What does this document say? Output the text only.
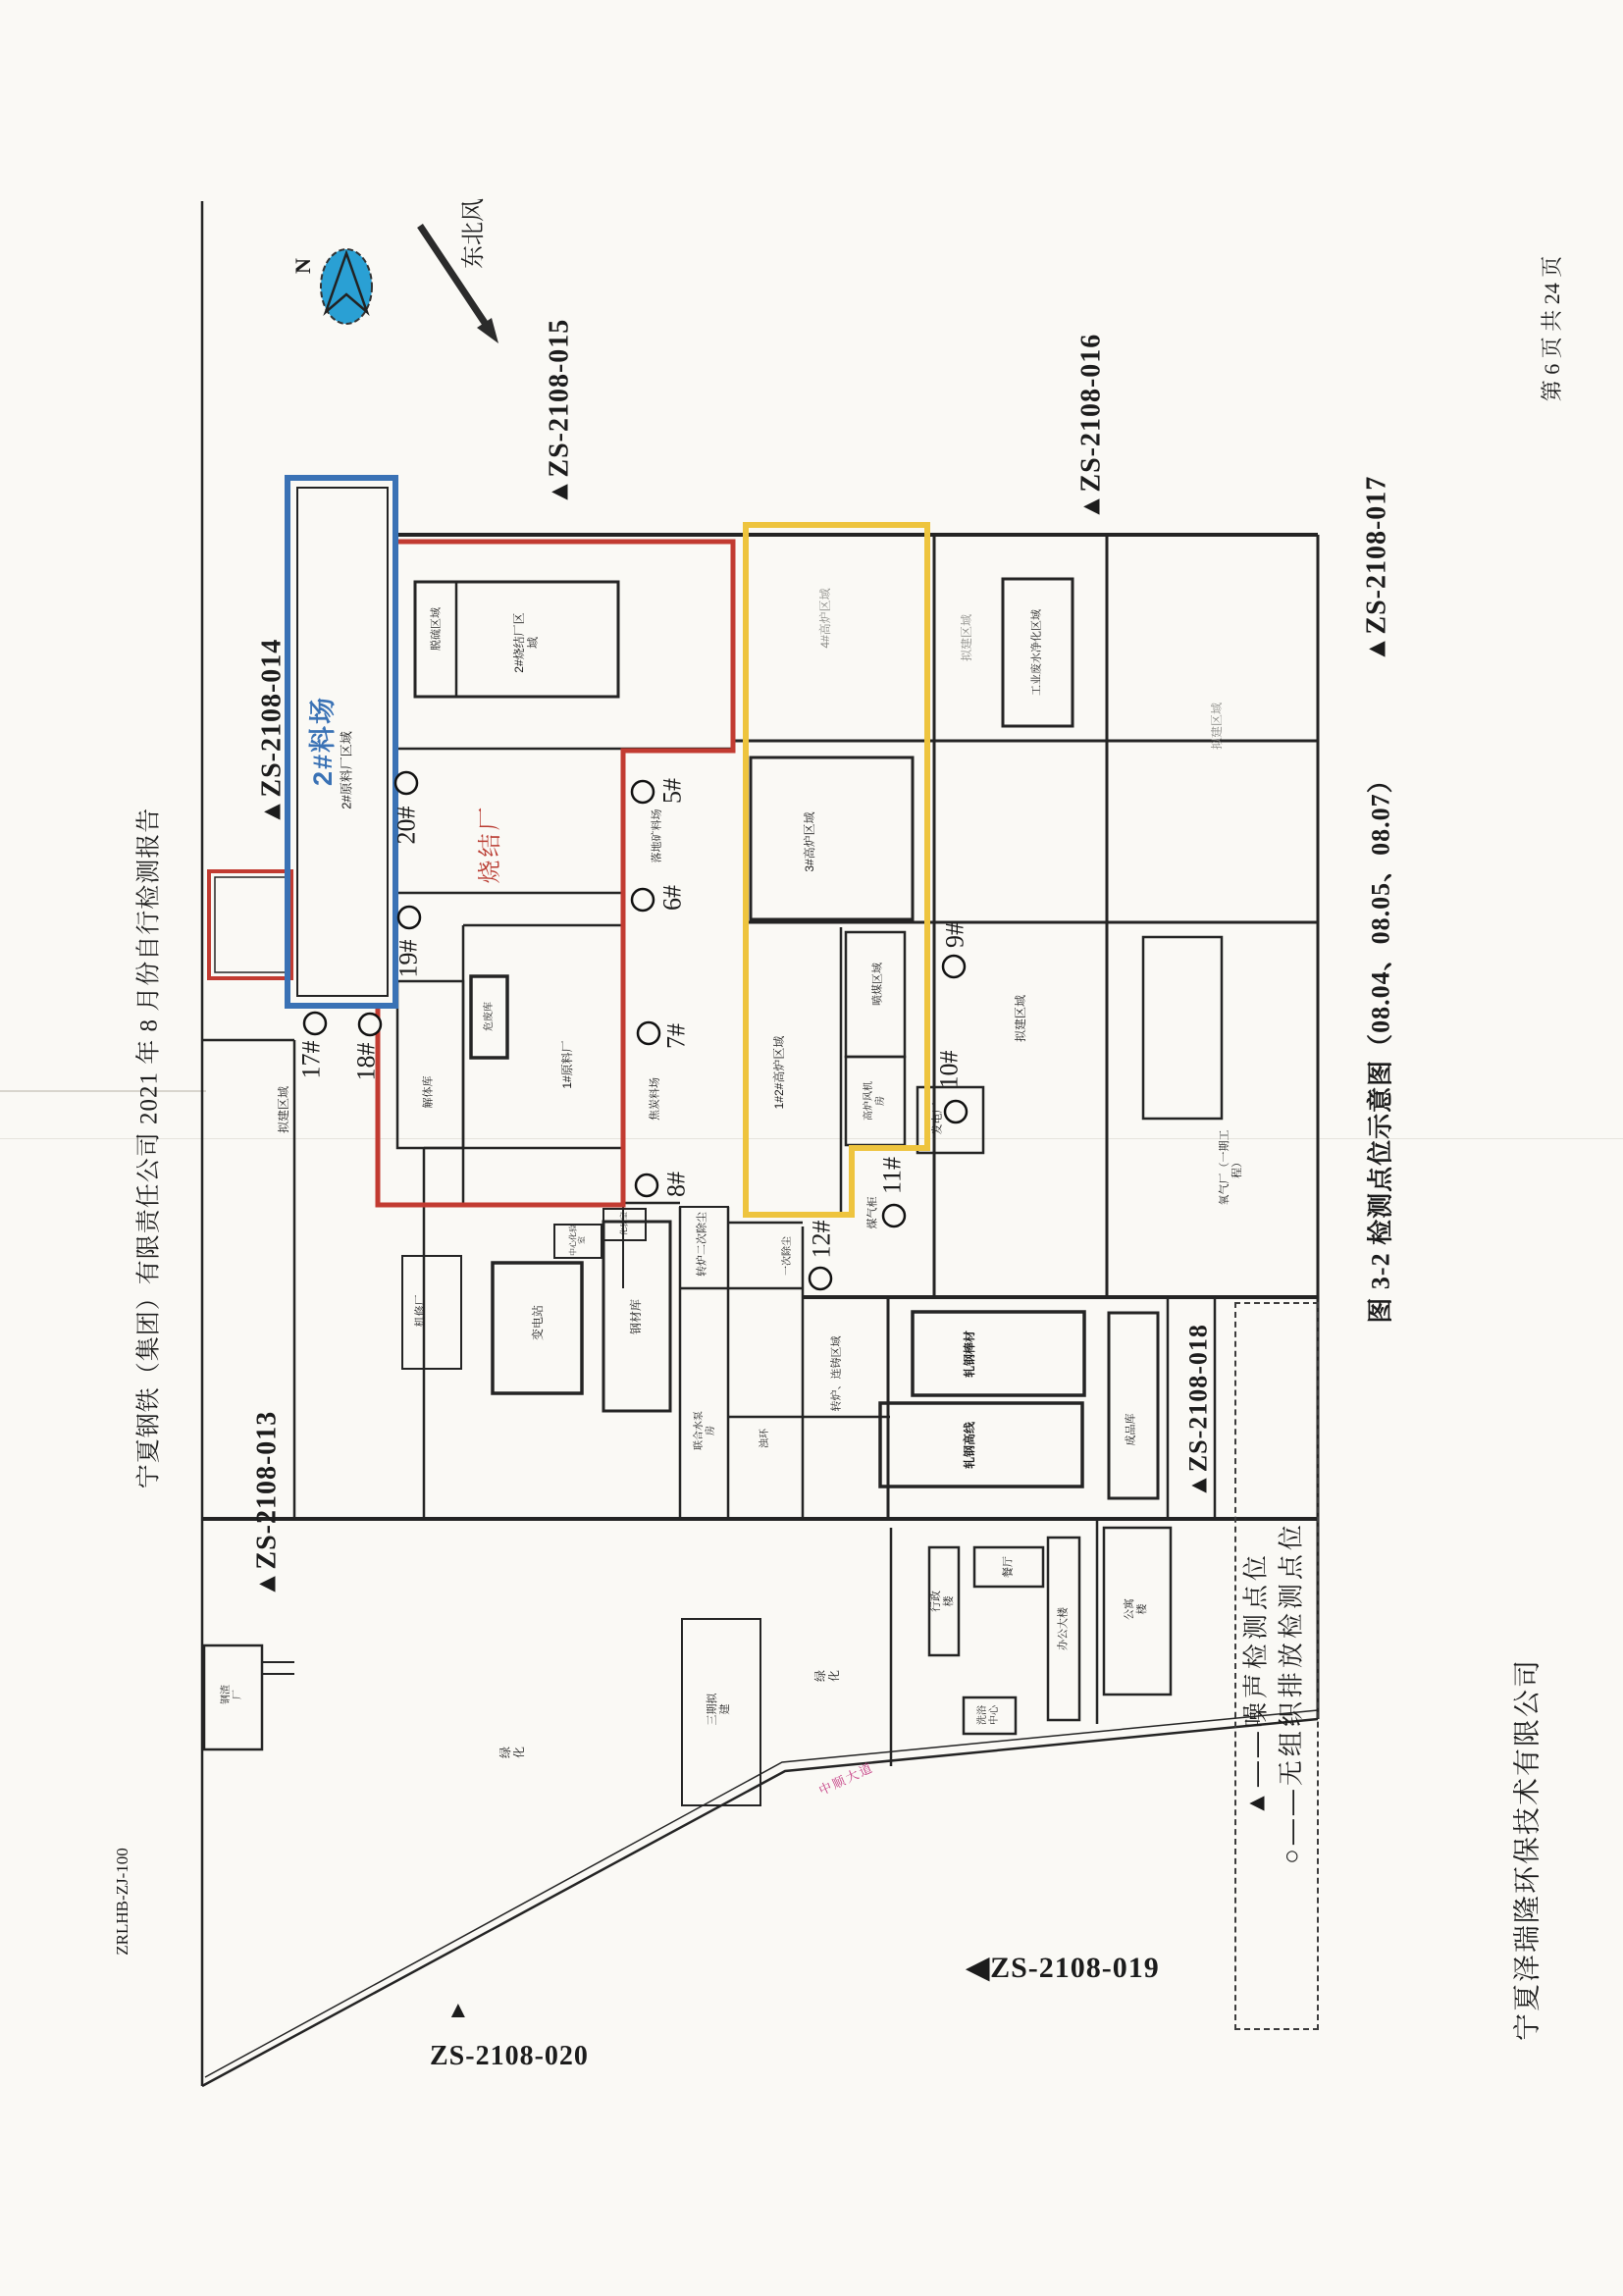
宁夏钢铁（集团）有限责任公司 2021 年 8 月份自行检测报告
ZRLHB-ZJ-100
图 3-2 检测点位示意图（08.04、08.05、08.07）
第 6 页 共 24 页
宁夏泽瑞隆环保技术有限公司
N	东北风
▲ZS-2108-013
▲ZS-2108-014
▲ZS-2108-015	▲ZS-2108-016
▲ZS-2108-017
▲ZS-2108-018
◀ZS-2108-019
▲
ZS-2108-020
5#
6#
7#
8#
9#
10#
11#
12#
17# 18#
19#
20#
2#料场 2#原料厂区域
烧结厂
脱硫区域	2#烧结厂区域
危废库
解体库
1#原料厂
落地矿料场
焦炭料场
3#高炉区域
4#高炉区域
1#2#高炉区域
喷煤区域
高炉风机房
煤气柜
发电厂
工业废水净化区域
拟建区域
拟建区域
拟建区域
拟建区域
氧气厂（一期工程）
转炉二次除尘	一次除尘
中心化验室
化验室
机修厂	变电站	钢材库
联合水泵房	浊环
转炉、连铸区域	轧钢棒材
轧钢高线	成品库
餐厅
行政楼
办公大楼
洗浴中心
公寓楼
绿化
绿化
三期拟建
钢渣厂
中顺大道	○——无组织排放检测点位
▲——噪声检测点位
